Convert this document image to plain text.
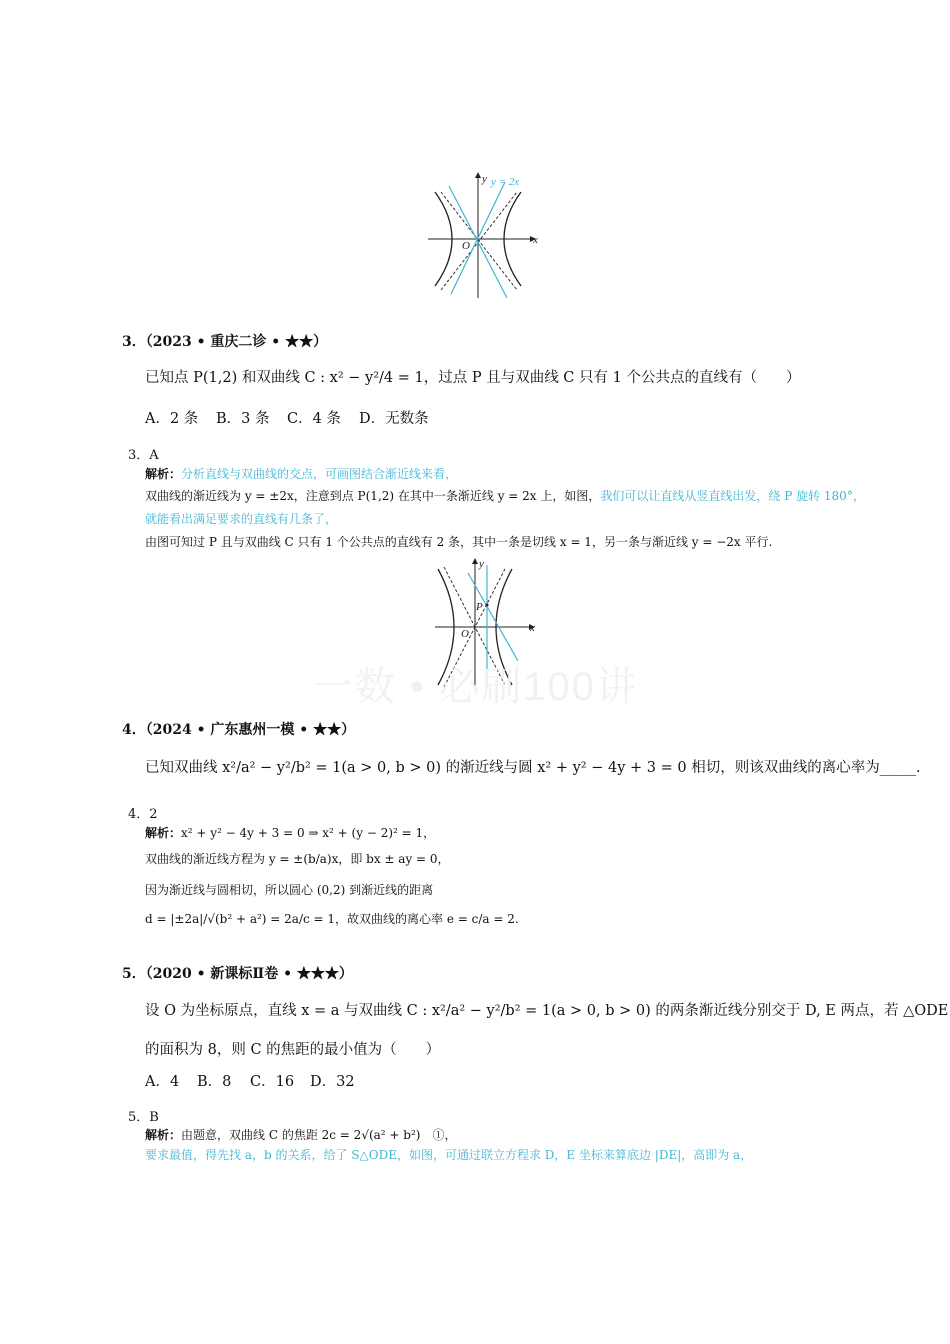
y y = 2x
x
O
3．（2023 • 重庆二诊 • ★★）
已知点 P(1,2) 和双曲线 C : x² − y²/4 = 1，过点 P 且与双曲线 C 只有 1 个公共点的直线有（　　）
A．2 条 B．3 条 C．4 条 D．无数条
3．A
解析：分析直线与双曲线的交点，可画图结合渐近线来看，
双曲线的渐近线为 y = ±2x，注意到点 P(1,2) 在其中一条渐近线 y = 2x 上，如图，我们可以让直线从竖直线出发，绕 P 旋转 180°，
就能看出满足要求的直线有几条了，
由图可知过 P 且与双曲线 C 只有 1 个公共点的直线有 2 条，其中一条是切线 x = 1，另一条与渐近线 y = −2x 平行.
y
P
x
O
一数 • 必刷100讲
4．（2024 • 广东惠州一模 • ★★）
已知双曲线 x²/a² − y²/b² = 1(a > 0, b > 0) 的渐近线与圆 x² + y² − 4y + 3 = 0 相切，则该双曲线的离心率为_____.
4．2
解析：x² + y² − 4y + 3 = 0 ⇒ x² + (y − 2)² = 1，
双曲线的渐近线方程为 y = ±(b/a)x，即 bx ± ay = 0，
因为渐近线与圆相切，所以圆心 (0,2) 到渐近线的距离
d = |±2a|/√(b² + a²) = 2a/c = 1，故双曲线的离心率 e = c/a = 2.
5．（2020 • 新课标Ⅱ卷 • ★★★）
设 O 为坐标原点，直线 x = a 与双曲线 C : x²/a² − y²/b² = 1(a > 0, b > 0) 的两条渐近线分别交于 D, E 两点，若 △ODE
的面积为 8，则 C 的焦距的最小值为（　　）
A．4 B．8 C．16 D．32
5．B
解析：由题意，双曲线 C 的焦距 2c = 2√(a² + b²)　①，
要求最值，得先找 a，b 的关系，给了 S△ODE，如图，可通过联立方程求 D，E 坐标来算底边 |DE|，高即为 a，
